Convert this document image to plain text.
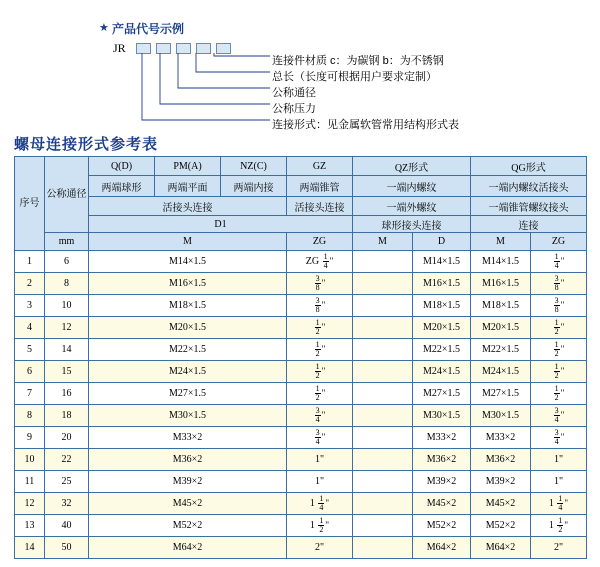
★ 产品代号示例
JR
连接件材质 c：为碳钢 b：为不锈钢
总长（长度可根据用户要求定制）
公称通径
公称压力
连接形式：见金属软管常用结构形式表
螺母连接形式参考表
序号	公称通径	Q(D)	PM(A)	NZ(C)	GZ	QZ形式		QG形式	
		两端球形	两端平面	两端内接	两端锥管	一端内螺纹		一端内螺纹活接头	
		活接头连接			活接头连接	一端外螺纹		一端锥管螺纹接头	
		D1				球形接头连接		连接	
	mm	M			ZG	M	D	M	ZG
1	6	M14×1.5			ZG $\frac{1}{4}$ "		M14×1.5	M14×1.5	$\frac{1}{4}$ "
2	8	M16×1.5			$\frac{3}{8}$ "		M16×1.5	M16×1.5	$\frac{3}{8}$ "
3	10	M18×1.5			$\frac{3}{8}$ "		M18×1.5	M18×1.5	$\frac{3}{8}$ "
4	12	M20×1.5			$\frac{1}{2}$ "		M20×1.5	M20×1.5	$\frac{1}{2}$ "
5	14	M22×1.5			$\frac{1}{2}$ "		M22×1.5	M22×1.5	$\frac{1}{2}$ "
6	15	M24×1.5			$\frac{1}{2}$ "		M24×1.5	M24×1.5	$\frac{1}{2}$ "
7	16	M27×1.5			$\frac{1}{2}$ "		M27×1.5	M27×1.5	$\frac{1}{2}$ "
8	18	M30×1.5			$\frac{3}{4}$ "		M30×1.5	M30×1.5	$\frac{3}{4}$ "
9	20	M33×2			$\frac{3}{4}$ "		M33×2	M33×2	$\frac{3}{4}$ "
10	22	M36×2			1"		M36×2	M36×2	1"
11	25	M39×2			1"		M39×2	M39×2	1"
12	32	M45×2			$1 \frac{1}{4}$ "		M45×2	M45×2	$1 \frac{1}{4}$ "
13	40	M52×2			$1 \frac{1}{2}$ "		M52×2	M52×2	$1 \frac{1}{2}$ "
14	50	M64×2			2"		M64×2	M64×2	2"
